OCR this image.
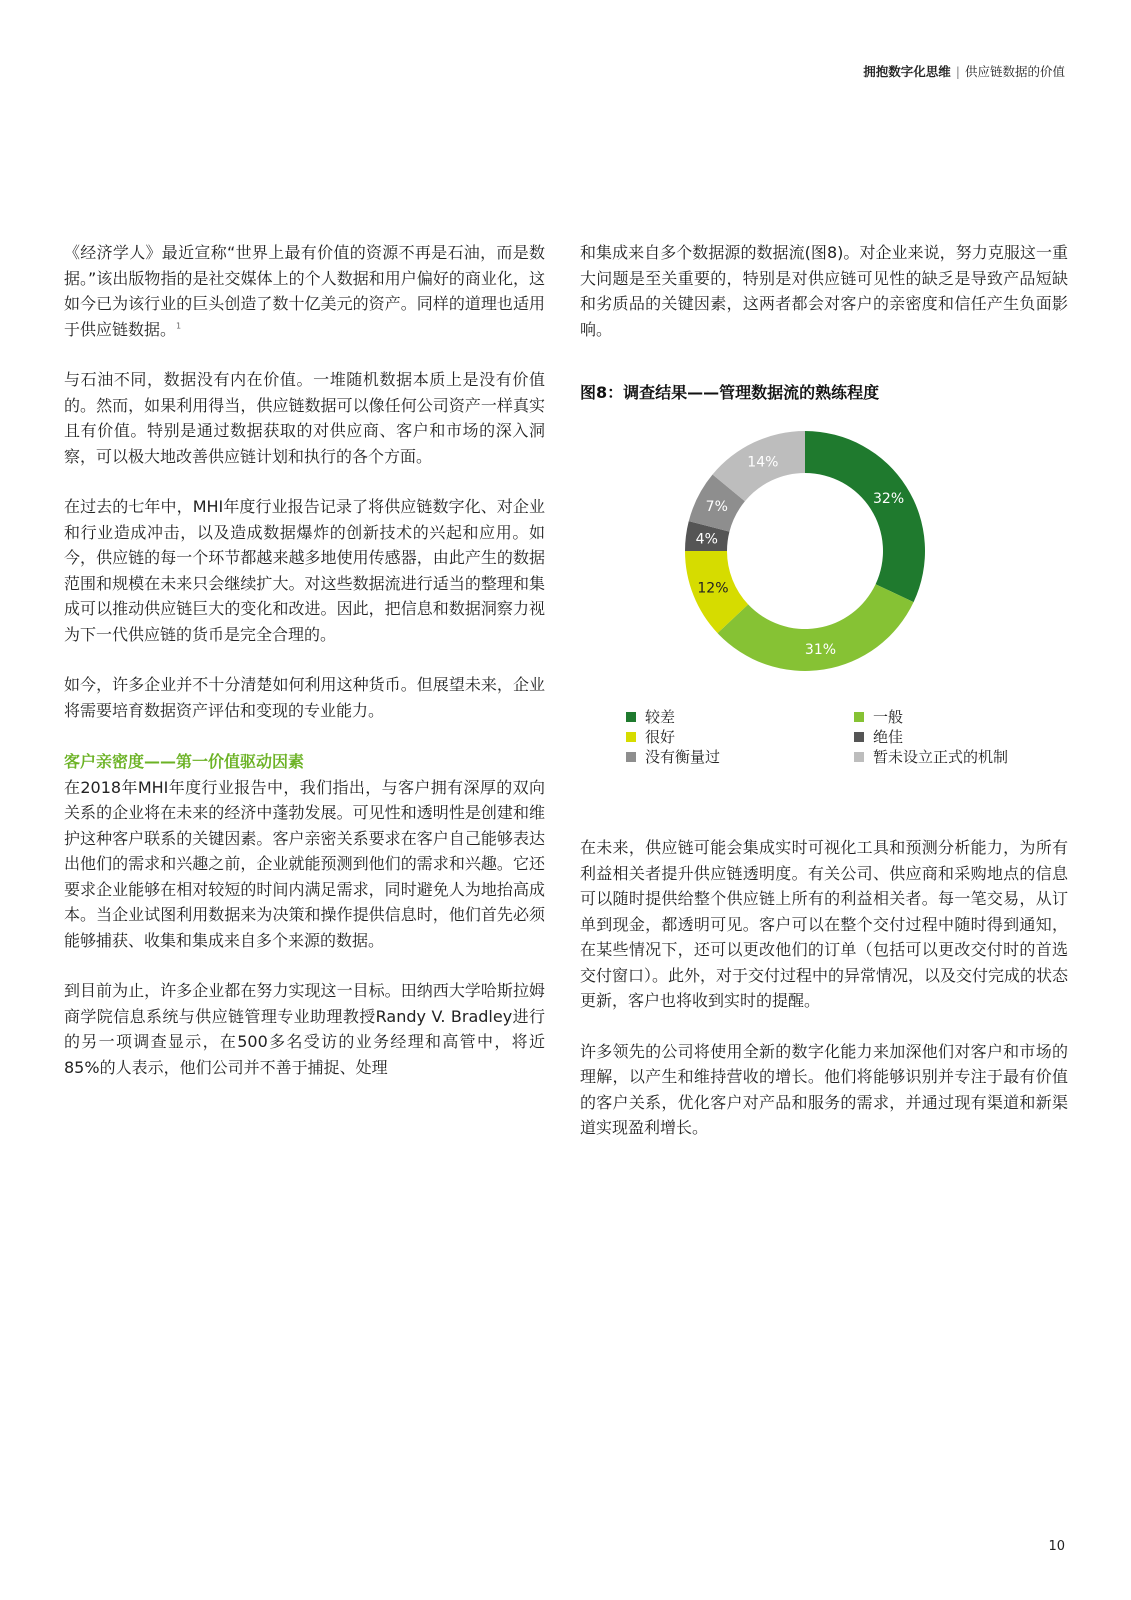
拥抱数字化思维 | 供应链数据的价值

《经济学人》最近宣称“世界上最有价值的资源不再是石油，而是数据。”该出版物指的是社交媒体上的个人数据和用户偏好的商业化，这如今已为该行业的巨头创造了数十亿美元的资产。同样的道理也适用于供应链数据。$^1$

与石油不同，数据没有内在价值。一堆随机数据本质上是没有价值的。然而，如果利用得当，供应链数据可以像任何公司资产一样真实且有价值。特别是通过数据获取的对供应商、客户和市场的深入洞察，可以极大地改善供应链计划和执行的各个方面。

在过去的七年中，MHI年度行业报告记录了将供应链数字化、对企业和行业造成冲击，以及造成数据爆炸的创新技术的兴起和应用。如今，供应链的每一个环节都越来越多地使用传感器，由此产生的数据范围和规模在未来只会继续扩大。对这些数据流进行适当的整理和集成可以推动供应链巨大的变化和改进。因此，把信息和数据洞察力视为下一代供应链的货币是完全合理的。

如今，许多企业并不十分清楚如何利用这种货币。但展望未来，企业将需要培育数据资产评估和变现的专业能力。

客户亲密度——第一价值驱动因素

在2018年MHI年度行业报告中，我们指出，与客户拥有深厚的双向关系的企业将在未来的经济中蓬勃发展。可见性和透明性是创建和维护这种客户联系的关键因素。客户亲密关系要求在客户自己能够表达出他们的需求和兴趣之前，企业就能预测到他们的需求和兴趣。它还要求企业能够在相对较短的时间内满足需求，同时避免人为地抬高成本。当企业试图利用数据来为决策和操作提供信息时，他们首先必须能够捕获、收集和集成来自多个来源的数据。

到目前为止，许多企业都在努力实现这一目标。田纳西大学哈斯拉姆商学院信息系统与供应链管理专业助理教授Randy V. Bradley进行的另一项调查显示，在500多名受访的业务经理和高管中，将近85%的人表示，他们公司并不善于捕捉、处理

和集成来自多个数据源的数据流(图8)。对企业来说，努力克服这一重大问题是至关重要的，特别是对供应链可见性的缺乏是导致产品短缺和劣质品的关键因素，这两者都会对客户的亲密度和信任产生负面影响。

图8：调查结果——管理数据流的熟练程度
32%
31%
12%
4%
7%
14%
较差	一般
很好	绝佳
没有衡量过	暂未设立正式的机制

在未来，供应链可能会集成实时可视化工具和预测分析能力，为所有利益相关者提升供应链透明度。有关公司、供应商和采购地点的信息可以随时提供给整个供应链上所有的利益相关者。每一笔交易，从订单到现金，都透明可见。客户可以在整个交付过程中随时得到通知，在某些情况下，还可以更改他们的订单（包括可以更改交付时的首选交付窗口）。此外，对于交付过程中的异常情况，以及交付完成的状态更新，客户也将收到实时的提醒。

许多领先的公司将使用全新的数字化能力来加深他们对客户和市场的理解，以产生和维持营收的增长。他们将能够识别并专注于最有价值的客户关系，优化客户对产品和服务的需求，并通过现有渠道和新渠道实现盈利增长。

10
